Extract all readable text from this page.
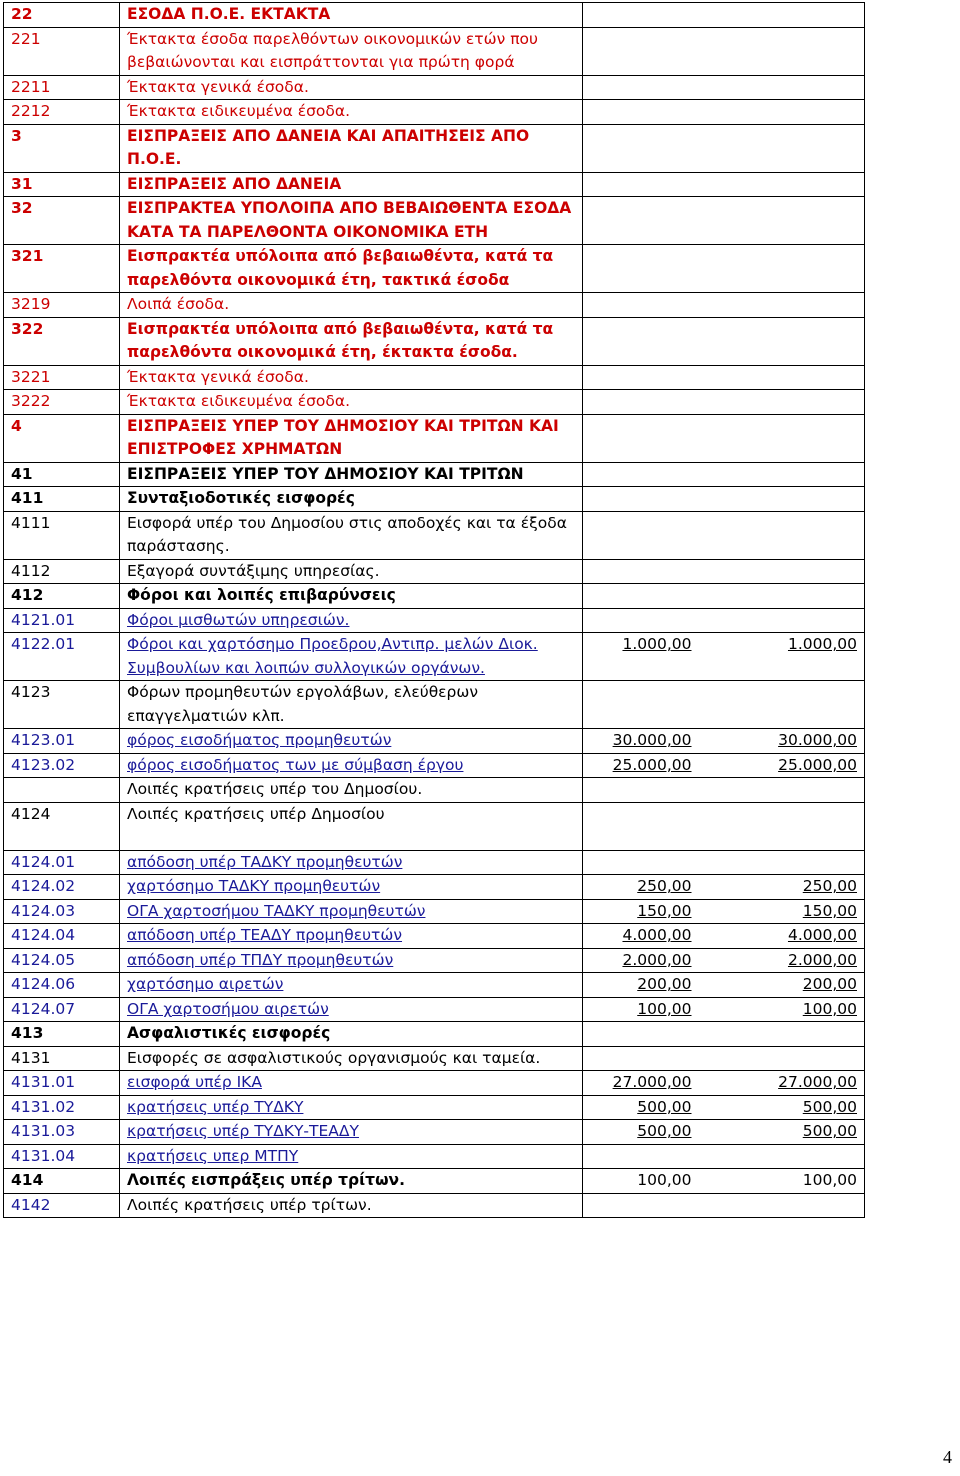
22	ΕΣΟΔΑ Π.Ο.Ε. ΕΚΤΑΚΤΑ		
221	Έκτακτα έσοδα παρελθόντων οικονομικών ετών που βεβαιώνονται και εισπράττονται για πρώτη φορά		
2211	Έκτακτα γενικά έσοδα.		
2212	Έκτακτα ειδικευμένα έσοδα.		
3	ΕΙΣΠΡΑΞΕΙΣ ΑΠΟ ΔΑΝΕΙΑ ΚΑΙ ΑΠΑΙΤΗΣΕΙΣ ΑΠΟ Π.Ο.Ε.		
31	ΕΙΣΠΡΑΞΕΙΣ ΑΠΟ ΔΑΝΕΙΑ		
32	ΕΙΣΠΡΑΚΤΕΑ ΥΠΟΛΟΙΠΑ ΑΠΟ ΒΕΒΑΙΩΘΕΝΤΑ ΕΣΟΔΑ ΚΑΤΑ ΤΑ ΠΑΡΕΛΘΟΝΤΑ ΟΙΚΟΝΟΜΙΚΑ ΕΤΗ		
321	Εισπρακτέα υπόλοιπα από βεβαιωθέντα, κατά τα παρελθόντα οικονομικά έτη, τακτικά έσοδα		
3219	Λοιπά έσοδα.		
322	Εισπρακτέα υπόλοιπα από βεβαιωθέντα, κατά τα παρελθόντα οικονομικά έτη, έκτακτα έσοδα.		
3221	Έκτακτα γενικά έσοδα.		
3222	Έκτακτα ειδικευμένα έσοδα.		
4	ΕΙΣΠΡΑΞΕΙΣ ΥΠΕΡ ΤΟΥ ΔΗΜΟΣΙΟΥ ΚΑΙ ΤΡΙΤΩΝ ΚΑΙ ΕΠΙΣΤΡΟΦΕΣ ΧΡΗΜΑΤΩΝ		
41	ΕΙΣΠΡΑΞΕΙΣ ΥΠΕΡ ΤΟΥ ΔΗΜΟΣΙΟΥ ΚΑΙ ΤΡΙΤΩΝ		
411	Συνταξιοδοτικές εισφορές		
4111	Εισφορά υπέρ του Δημοσίου στις αποδοχές και τα έξοδα παράστασης.		
4112	Εξαγορά συντάξιμης υπηρεσίας.		
412	Φόροι και λοιπές επιβαρύνσεις		
4121.01	Φόροι μισθωτών υπηρεσιών.		
4122.01	Φόροι και χαρτόσημο Προεδρου,Αντιπρ. μελών Διοκ. Συμβουλίων και λοιπών συλλογικών οργάνων.	1.000,00	1.000,00
4123	Φόρων προμηθευτών εργολάβων, ελεύθερων επαγγελματιών κλπ.		
4123.01	φόρος εισοδήματος προμηθευτών	30.000,00	30.000,00
4123.02	φόρος εισοδήματος των με σύμβαση έργου	25.000,00	25.000,00
	Λοιπές κρατήσεις υπέρ του Δημοσίου.		
4124	Λοιπές κρατήσεις υπέρ Δημοσίου		
4124.01	απόδοση υπέρ ΤΑΔΚΥ προμηθευτών		
4124.02	χαρτόσημο ΤΑΔΚΥ προμηθευτών	250,00	250,00
4124.03	ΟΓΑ χαρτοσήμου ΤΑΔΚΥ προμηθευτών	150,00	150,00
4124.04	απόδοση υπέρ ΤΕΑΔΥ προμηθευτών	4.000,00	4.000,00
4124.05	απόδοση υπέρ ΤΠΔΥ προμηθευτών	2.000,00	2.000,00
4124.06	χαρτόσημο αιρετών	200,00	200,00
4124.07	ΟΓΑ χαρτοσήμου αιρετών	100,00	100,00
413	Ασφαλιστικές εισφορές		
4131	Εισφορές σε ασφαλιστικούς οργανισμούς και ταμεία.		
4131.01	εισφορά υπέρ ΙΚΑ	27.000,00	27.000,00
4131.02	κρατήσεις υπέρ ΤΥΔΚΥ	500,00	500,00
4131.03	κρατήσεις υπέρ ΤΥΔΚΥ-ΤΕΑΔΥ	500,00	500,00
4131.04	κρατήσεις υπερ ΜΤΠΥ		
414	Λοιπές εισπράξεις υπέρ τρίτων.	100,00	100,00
4142	Λοιπές κρατήσεις υπέρ τρίτων.		
4
